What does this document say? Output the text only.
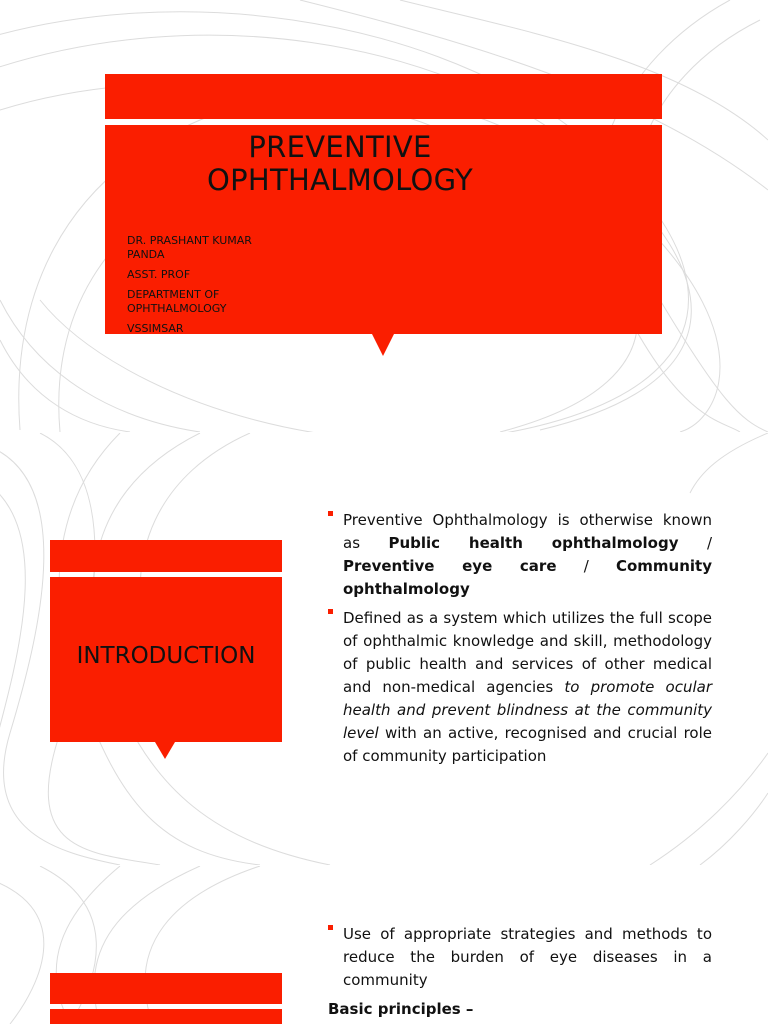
PREVENTIVE
OPHTHALMOLOGY

DR. PRASHANT KUMAR PANDA

ASST. PROF

DEPARTMENT OF OPHTHALMOLOGY

VSSIMSAR

INTRODUCTION
Preventive Ophthalmology is otherwise known as Public health ophthalmology / Preventive eye care / Community ophthalmology
Defined as a system which utilizes the full scope of ophthalmic knowledge and skill, methodology of public health and services of other medical and non-medical agencies to promote ocular health and prevent blindness at the community level with an active, recognised and crucial role of community participation
Use of appropriate strategies and methods to reduce the burden of eye diseases in a community
Basic principles –
